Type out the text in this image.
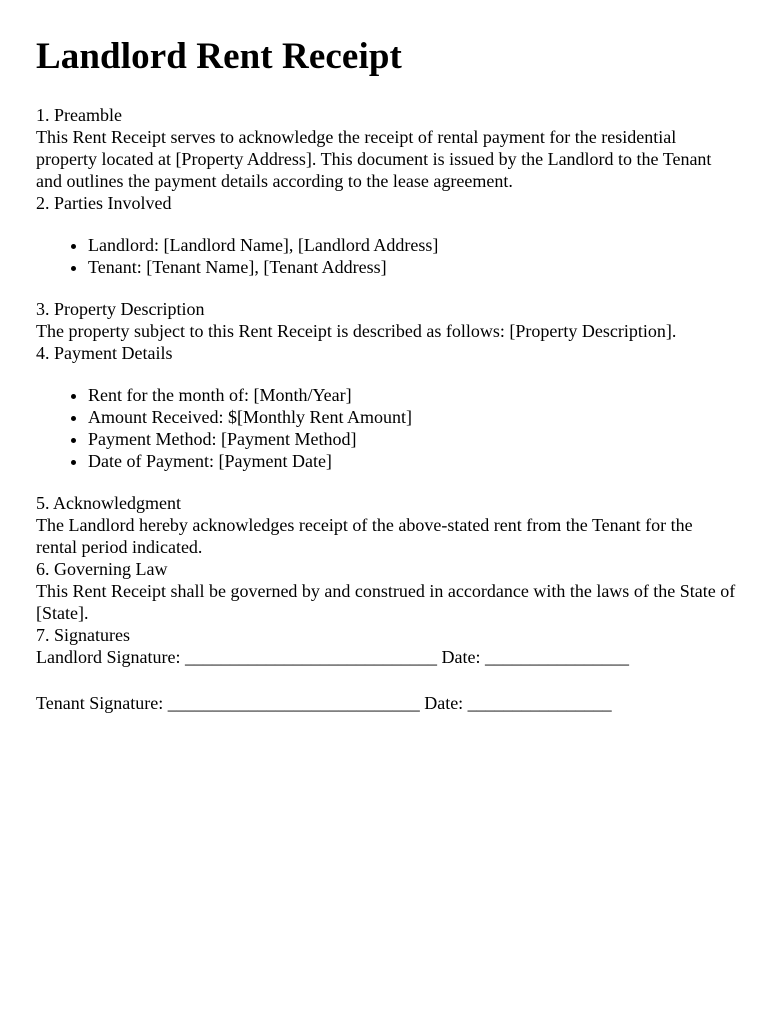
Landlord Rent Receipt
1. Preamble
This Rent Receipt serves to acknowledge the receipt of rental payment for the residential property located at [Property Address]. This document is issued by the Landlord to the Tenant and outlines the payment details according to the lease agreement.
2. Parties Involved
• Landlord: [Landlord Name], [Landlord Address]
• Tenant: [Tenant Name], [Tenant Address]
3. Property Description
The property subject to this Rent Receipt is described as follows: [Property Description].
4. Payment Details
• Rent for the month of: [Month/Year]
• Amount Received: $[Monthly Rent Amount]
• Payment Method: [Payment Method]
• Date of Payment: [Payment Date]
5. Acknowledgment
The Landlord hereby acknowledges receipt of the above-stated rent from the Tenant for the rental period indicated.
6. Governing Law
This Rent Receipt shall be governed by and construed in accordance with the laws of the State of [State].
7. Signatures
Landlord Signature: ____________________________ Date: ________________
Tenant Signature: ____________________________ Date: ________________
